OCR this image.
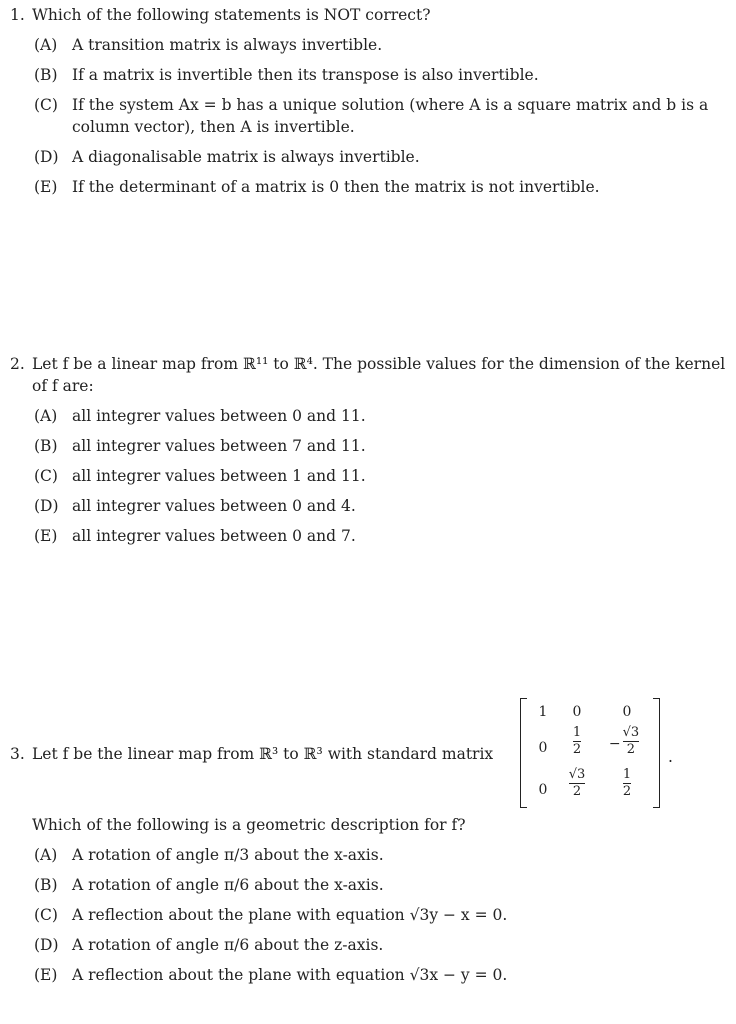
1. Which of the following statements is NOT correct?
(A) A transition matrix is always invertible.
(B) If a matrix is invertible then its transpose is also invertible.
(C) If the system Ax = b has a unique solution (where A is a square matrix and b is a
column vector), then A is invertible.
(D) A diagonalisable matrix is always invertible.
(E) If the determinant of a matrix is 0 then the matrix is not invertible.
2. Let f be a linear map from ℝ¹¹ to ℝ⁴. The possible values for the dimension of the kernel
of f are:
(A) all integrer values between 0 and 11.
(B) all integrer values between 7 and 11.
(C) all integrer values between 1 and 11.
(D) all integrer values between 0 and 4.
(E) all integrer values between 0 and 7.
3. Let f be the linear map from ℝ³ to ℝ³ with standard matrix
1	0	0
0	$\frac{1}{2}$	− $\frac{√3}{2}$
0	$\frac{√3}{2}$	$\frac{1}{2}$
.
Which of the following is a geometric description for f?
(A) A rotation of angle π/3 about the x-axis.
(B) A rotation of angle π/6 about the x-axis.
(C) A reflection about the plane with equation √3y − x = 0.
(D) A rotation of angle π/6 about the z-axis.
(E) A reflection about the plane with equation √3x − y = 0.
